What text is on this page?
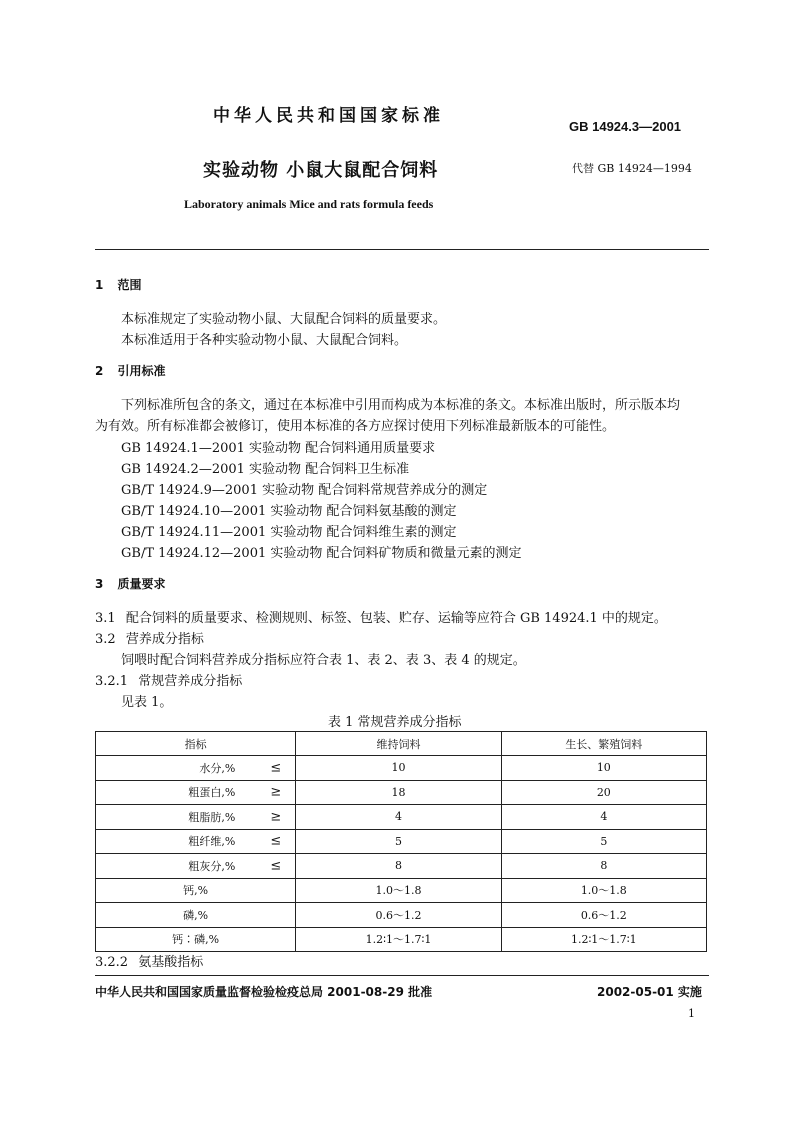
中华人民共和国国家标准
GB 14924.3—2001
实验动物 小鼠大鼠配合饲料	代替 GB 14924—1994
Laboratory animals Mice and rats formula feeds
1 范围
本标准规定了实验动物小鼠、大鼠配合饲料的质量要求。
本标准适用于各种实验动物小鼠、大鼠配合饲料。
2 引用标准
下列标准所包含的条文，通过在本标准中引用而构成为本标准的条文。本标准出版时，所示版本均
为有效。所有标准都会被修订，使用本标准的各方应探讨使用下列标准最新版本的可能性。
GB 14924.1—2001 实验动物 配合饲料通用质量要求
GB 14924.2—2001 实验动物 配合饲料卫生标准
GB/T 14924.9—2001 实验动物 配合饲料常规营养成分的测定
GB/T 14924.10—2001 实验动物 配合饲料氨基酸的测定
GB/T 14924.11—2001 实验动物 配合饲料维生素的测定
GB/T 14924.12—2001 实验动物 配合饲料矿物质和微量元素的测定
3 质量要求
3.1 配合饲料的质量要求、检测规则、标签、包装、贮存、运输等应符合 GB 14924.1 中的规定。
3.2 营养成分指标
饲喂时配合饲料营养成分指标应符合表 1、表 2、表 3、表 4 的规定。
3.2.1 常规营养成分指标
见表 1。
表 1 常规营养成分指标
指标	维持饲料	生长、繁殖饲料

水分,% ≤	10	10

粗蛋白,% ≥	18	20

粗脂肪,% ≥	4	4

粗纤维,% ≤	5	5

粗灰分,% ≤	8	8

钙,%	1.0～1.8	1.0～1.8

磷,%	0.6～1.2	0.6～1.2

钙∶磷,%	1.2∶1～1.7∶1	1.2∶1～1.7∶1
3.2.2 氨基酸指标
中华人民共和国国家质量监督检验检疫总局 2001-08-29 批准	2002-05-01 实施
1
